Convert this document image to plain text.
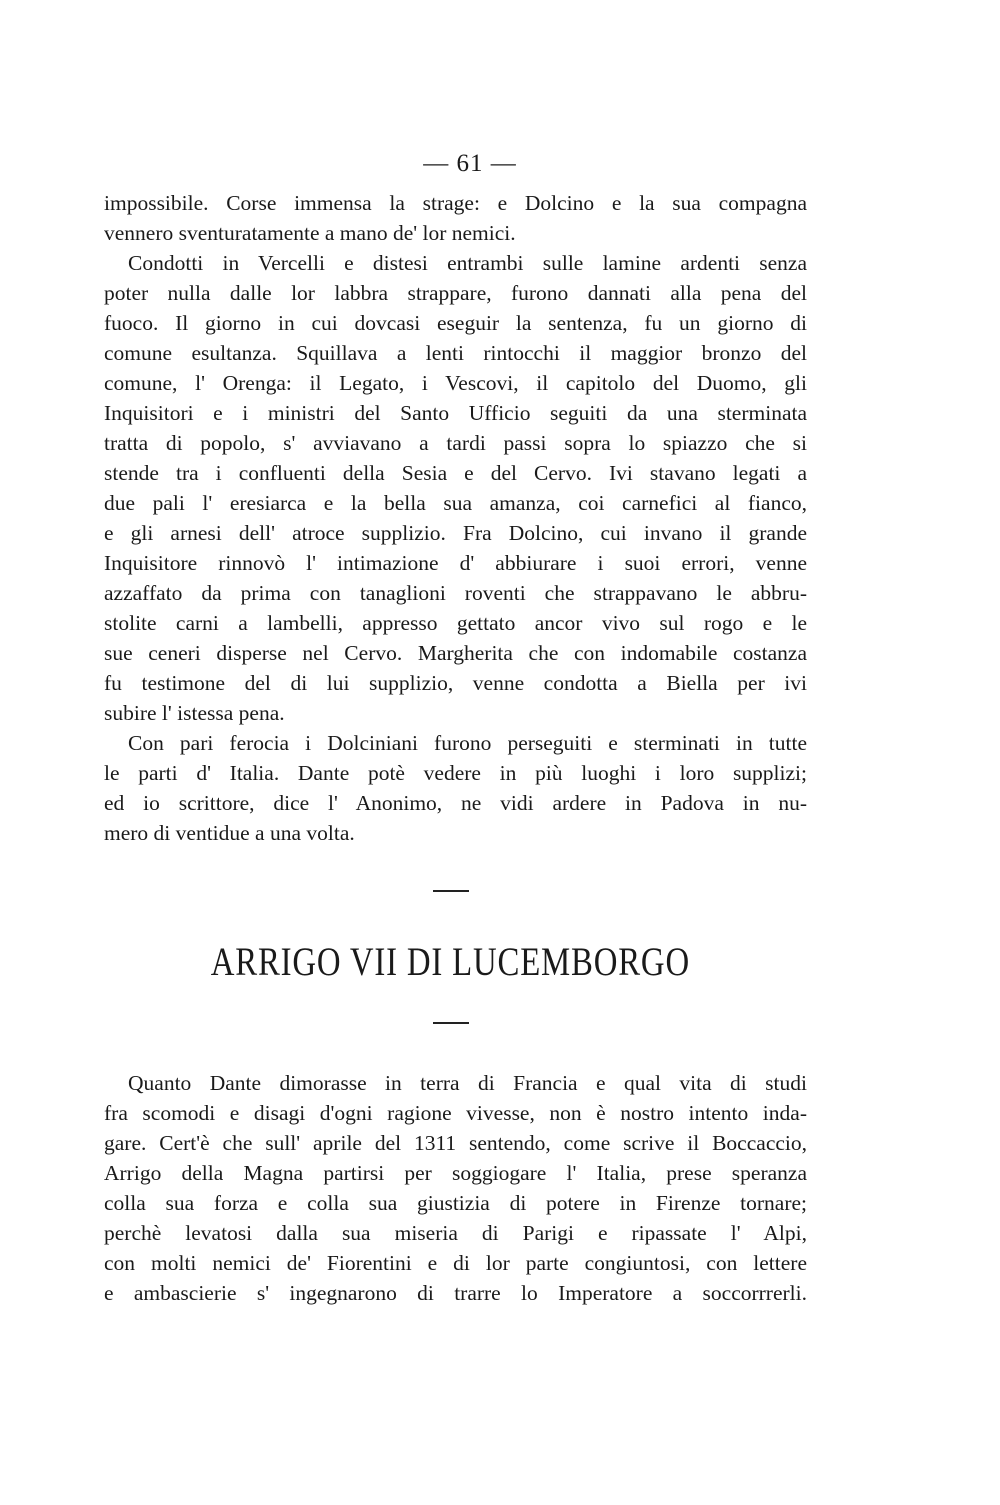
— 61 —
impossibile. Corse immensa la strage: e Dolcino e la sua compagna
vennero sventuratamente a mano de' lor nemici.
Condotti in Vercelli e distesi entrambi sulle lamine ardenti senza
poter nulla dalle lor labbra strappare, furono dannati alla pena del
fuoco. Il giorno in cui dovcasi eseguir la sentenza, fu un giorno di
comune esultanza. Squillava a lenti rintocchi il maggior bronzo del
comune, l' Orenga: il Legato, i Vescovi, il capitolo del Duomo, gli
Inquisitori e i ministri del Santo Ufficio seguiti da una sterminata
tratta di popolo, s' avviavano a tardi passi sopra lo spiazzo che si
stende tra i confluenti della Sesia e del Cervo. Ivi stavano legati a
due pali l' eresiarca e la bella sua amanza, coi carnefici al fianco,
e gli arnesi dell' atroce supplizio. Fra Dolcino, cui invano il grande
Inquisitore rinnovò l' intimazione d' abbiurare i suoi errori, venne
azzaffato da prima con tanaglioni roventi che strappavano le abbru-
stolite carni a lambelli, appresso gettato ancor vivo sul rogo e le
sue ceneri disperse nel Cervo. Margherita che con indomabile costanza
fu testimone del di lui supplizio, venne condotta a Biella per ivi
subire l' istessa pena.
Con pari ferocia i Dolciniani furono perseguiti e sterminati in tutte
le parti d' Italia. Dante potè vedere in più luoghi i loro supplizi;
ed io scrittore, dice l' Anonimo, ne vidi ardere in Padova in nu-
mero di ventidue a una volta.
ARRIGO VII DI LUCEMBORGO
Quanto Dante dimorasse in terra di Francia e qual vita di studi
fra scomodi e disagi d'ogni ragione vivesse, non è nostro intento inda-
gare. Cert'è che sull' aprile del 1311 sentendo, come scrive il Boccaccio,
Arrigo della Magna partirsi per soggiogare l' Italia, prese speranza
colla sua forza e colla sua giustizia di potere in Firenze tornare;
perchè levatosi dalla sua miseria di Parigi e ripassate l' Alpi,
con molti nemici de' Fiorentini e di lor parte congiuntosi, con lettere
e ambascierie s' ingegnarono di trarre lo Imperatore a soccorrrerli.
